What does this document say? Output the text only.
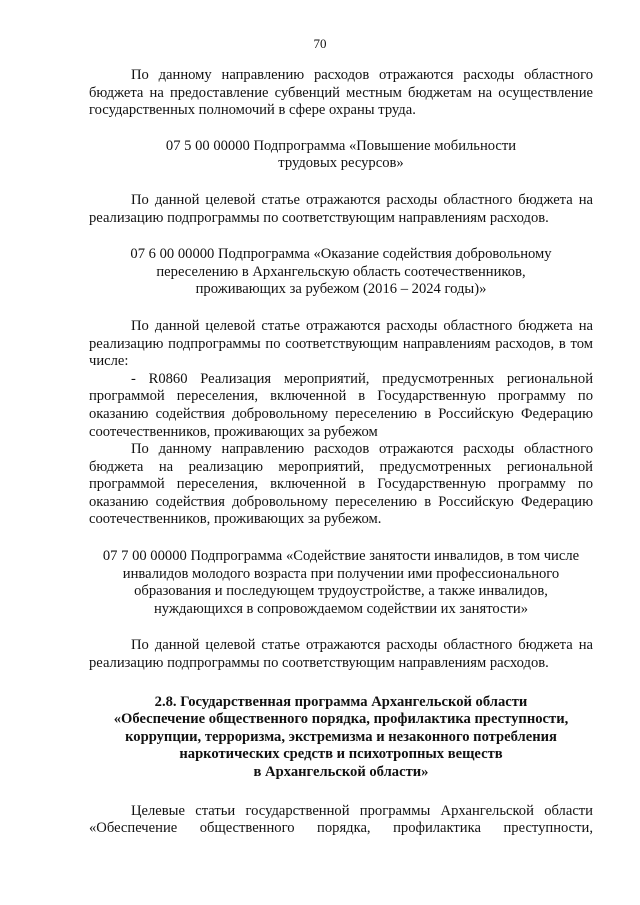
70

По данному направлению расходов отражаются расходы областного бюджета на предоставление субвенций местным бюджетам на осуществление государственных полномочий в сфере охраны труда.

07 5 00 00000 Подпрограмма «Повышение мобильности
трудовых ресурсов»

По данной целевой статье отражаются расходы областного бюджета на реализацию подпрограммы по соответствующим направлениям расходов.

07 6 00 00000 Подпрограмма «Оказание содействия добровольному
переселению в Архангельскую область соотечественников,
проживающих за рубежом (2016 – 2024 годы)»

По данной целевой статье отражаются расходы областного бюджета на реализацию подпрограммы по соответствующим направлениям расходов, в том числе:

- R0860 Реализация мероприятий, предусмотренных региональной программой переселения, включенной в Государственную программу по оказанию содействия добровольному переселению в Российскую Федерацию соотечественников, проживающих за рубежом

По данному направлению расходов отражаются расходы областного бюджета на реализацию мероприятий, предусмотренных региональной программой переселения, включенной в Государственную программу по оказанию содействия добровольному переселению в Российскую Федерацию соотечественников, проживающих за рубежом.

07 7 00 00000 Подпрограмма «Содействие занятости инвалидов, в том числе
инвалидов молодого возраста при получении ими профессионального
образования и последующем трудоустройстве, а также инвалидов,
нуждающихся в сопровождаемом содействии их занятости»

По данной целевой статье отражаются расходы областного бюджета на реализацию подпрограммы по соответствующим направлениям расходов.

2.8. Государственная программа Архангельской области
«Обеспечение общественного порядка, профилактика преступности,
коррупции, терроризма, экстремизма и незаконного потребления
наркотических средств и психотропных веществ
в Архангельской области»

Целевые статьи государственной программы Архангельской области «Обеспечение общественного порядка, профилактика преступности,
